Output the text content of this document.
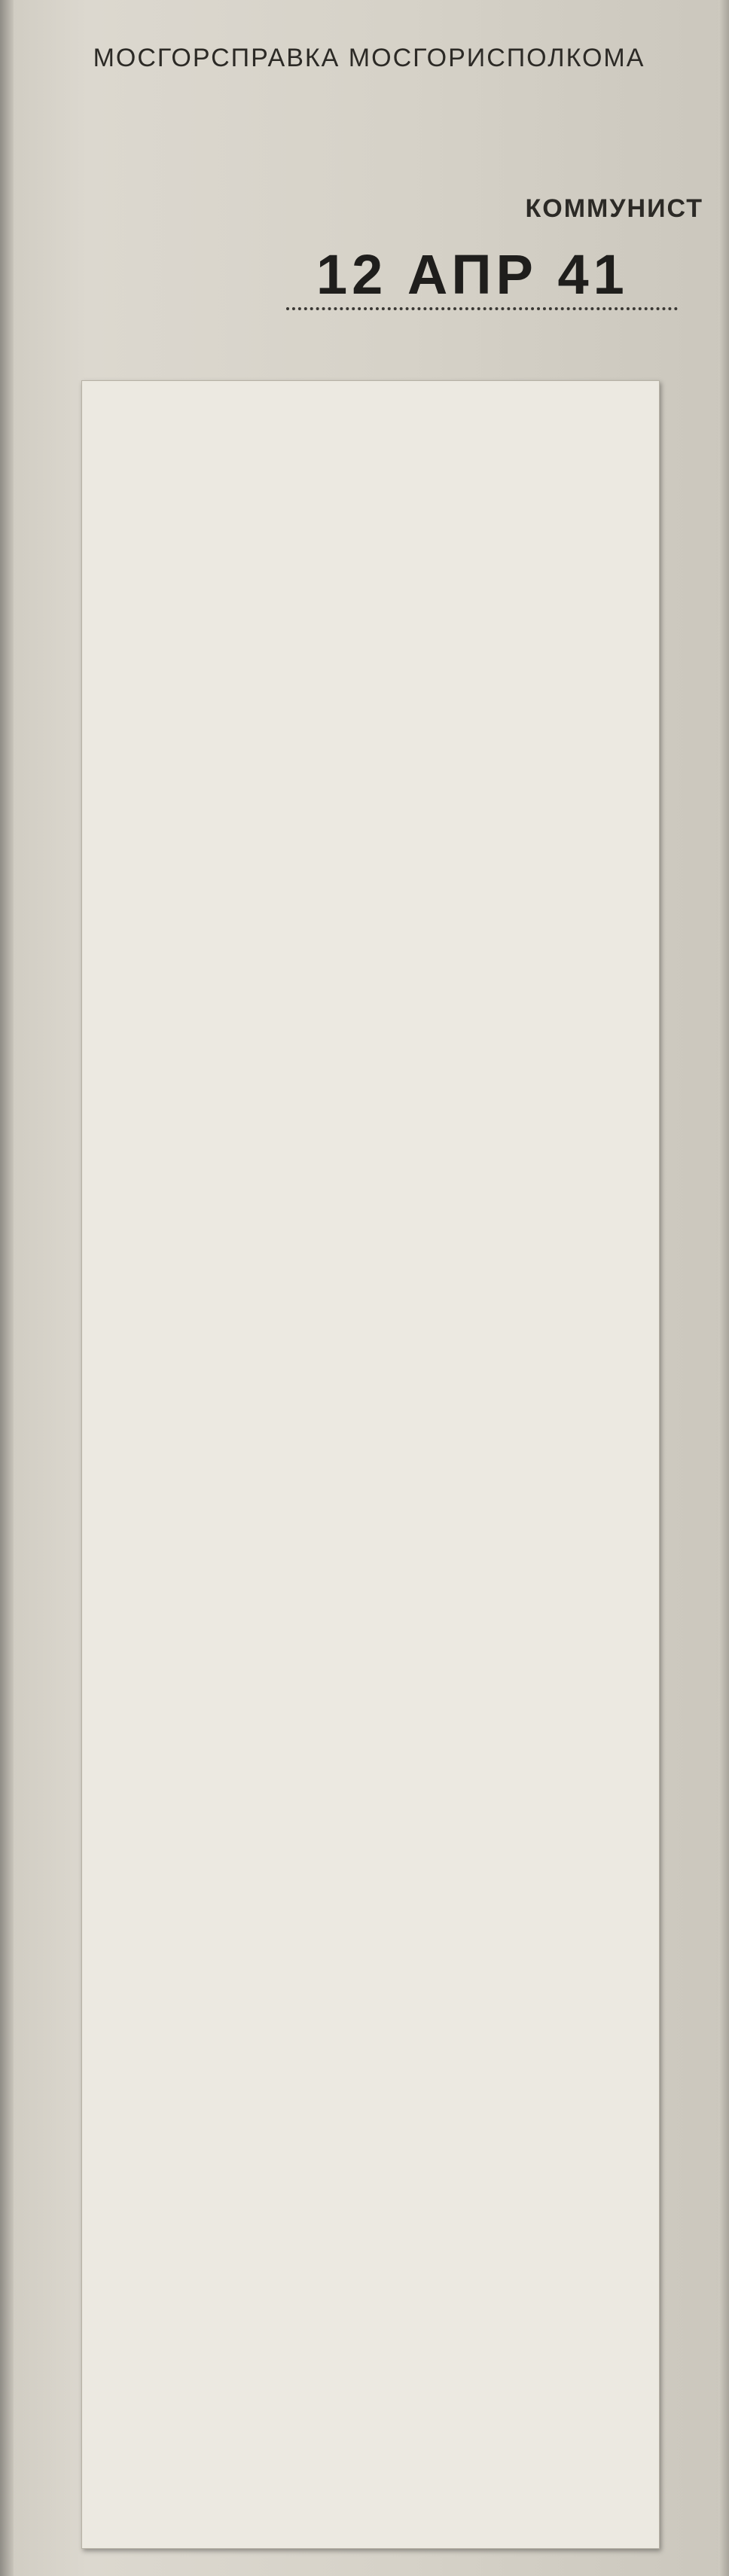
МОСГОРСПРАВКА МОСГОРИСПОЛКОМА
КОММУНИСТ
12 АПР 41
